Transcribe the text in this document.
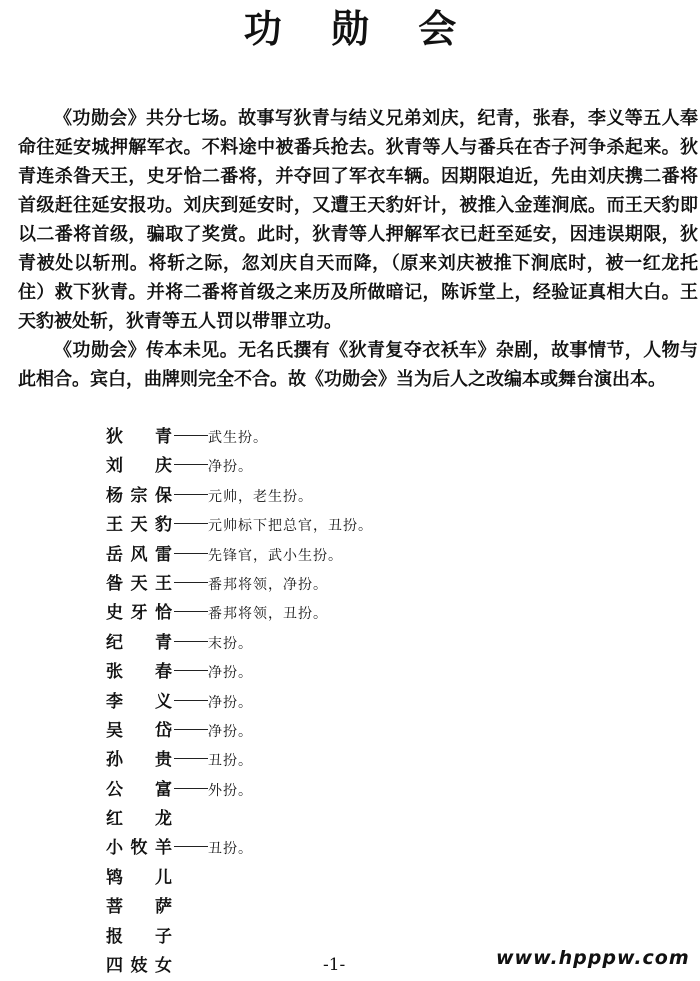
功 勋 会

《功勋会》共分七场。故事写狄青与结义兄弟刘庆，纪青，张春，李义等五人奉命往延安城押解军衣。不料途中被番兵抢去。狄青等人与番兵在杏子河争杀起来。狄青连杀昝天王，史牙恰二番将，并夺回了军衣车辆。因期限迫近，先由刘庆携二番将首级赶往延安报功。刘庆到延安时，又遭王天豹奸计，被推入金莲涧底。而王天豹即以二番将首级，骗取了奖赏。此时，狄青等人押解军衣已赶至延安，因违误期限，狄青被处以斩刑。将斩之际，忽刘庆自天而降，（原来刘庆被推下涧底时，被一红龙托住）救下狄青。并将二番将首级之来历及所做暗记，陈诉堂上，经验证真相大白。王天豹被处斩，狄青等五人罚以带罪立功。

《功勋会》传本未见。无名氏撰有《狄青复夺衣袄车》杂剧，故事情节，人物与此相合。宾白，曲牌则完全不合。故《功勋会》当为后人之改编本或舞台演出本。

狄青	武生扮。
刘庆	净扮。
杨宗保	元帅，老生扮。
王天豹	元帅标下把总官，丑扮。
岳风雷	先锋官，武小生扮。
昝天王	番邦将领，净扮。
史牙恰	番邦将领，丑扮。
纪青	末扮。
张春	净扮。
李义	净扮。
吴岱	净扮。
孙贵	丑扮。
公富	外扮。
红龙
小牧羊	丑扮。
鸨儿
菩萨
报子
四妓女	-1-	www.hpppw.com
